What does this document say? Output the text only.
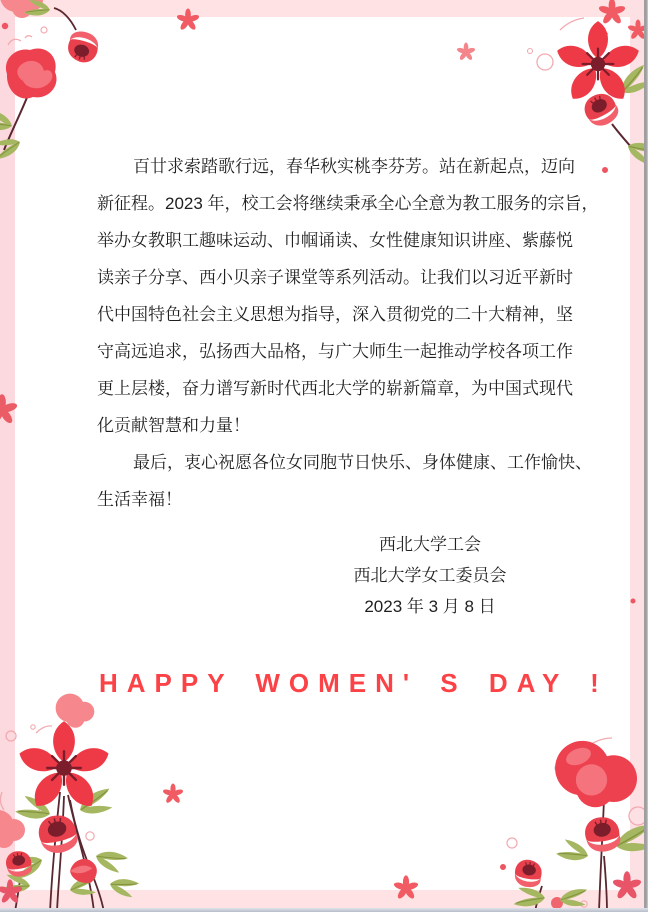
百廿求索踏歌行远，春华秋实桃李芬芳。站在新起点，迈向
新征程。2023 年，校工会将继续秉承全心全意为教工服务的宗旨，
举办女教职工趣味运动、巾帼诵读、女性健康知识讲座、紫藤悦
读亲子分享、西小贝亲子课堂等系列活动。让我们以习近平新时
代中国特色社会主义思想为指导，深入贯彻党的二十大精神，坚
守高远追求，弘扬西大品格，与广大师生一起推动学校各项工作
更上层楼，奋力谱写新时代西北大学的崭新篇章，为中国式现代
化贡献智慧和力量！
最后，衷心祝愿各位女同胞节日快乐、身体健康、工作愉快、
生活幸福！
西北大学工会
西北大学女工委员会
2023 年 3 月 8 日
HAPPY WOMEN' S DAY !
